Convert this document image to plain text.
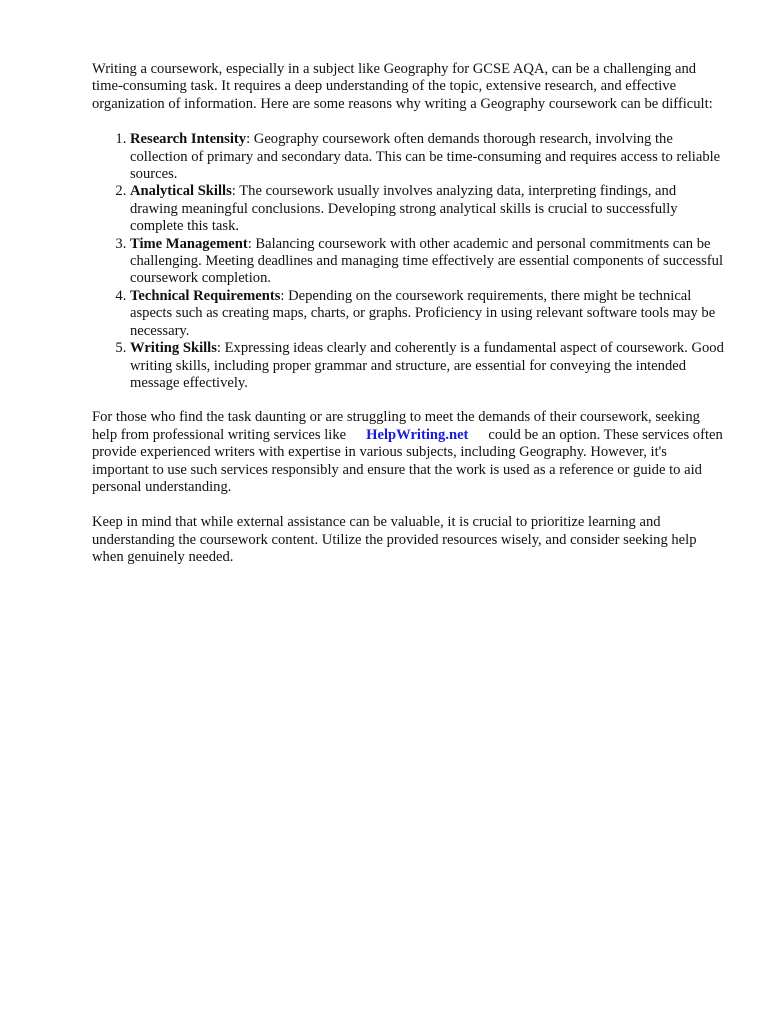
Writing a coursework, especially in a subject like Geography for GCSE AQA, can be a challenging and time-consuming task. It requires a deep understanding of the topic, extensive research, and effective organization of information. Here are some reasons why writing a Geography coursework can be difficult:

1. Research Intensity: Geography coursework often demands thorough research, involving the collection of primary and secondary data. This can be time-consuming and requires access to reliable sources.
2. Analytical Skills: The coursework usually involves analyzing data, interpreting findings, and drawing meaningful conclusions. Developing strong analytical skills is crucial to successfully complete this task.
3. Time Management: Balancing coursework with other academic and personal commitments can be challenging. Meeting deadlines and managing time effectively are essential components of successful coursework completion.
4. Technical Requirements: Depending on the coursework requirements, there might be technical aspects such as creating maps, charts, or graphs. Proficiency in using relevant software tools may be necessary.
5. Writing Skills: Expressing ideas clearly and coherently is a fundamental aspect of coursework. Good writing skills, including proper grammar and structure, are essential for conveying the intended message effectively.

For those who find the task daunting or are struggling to meet the demands of their coursework, seeking help from professional writing services like HelpWriting.net could be an option. These services often provide experienced writers with expertise in various subjects, including Geography. However, it's important to use such services responsibly and ensure that the work is used as a reference or guide to aid personal understanding.

Keep in mind that while external assistance can be valuable, it is crucial to prioritize learning and understanding the coursework content. Utilize the provided resources wisely, and consider seeking help when genuinely needed.
